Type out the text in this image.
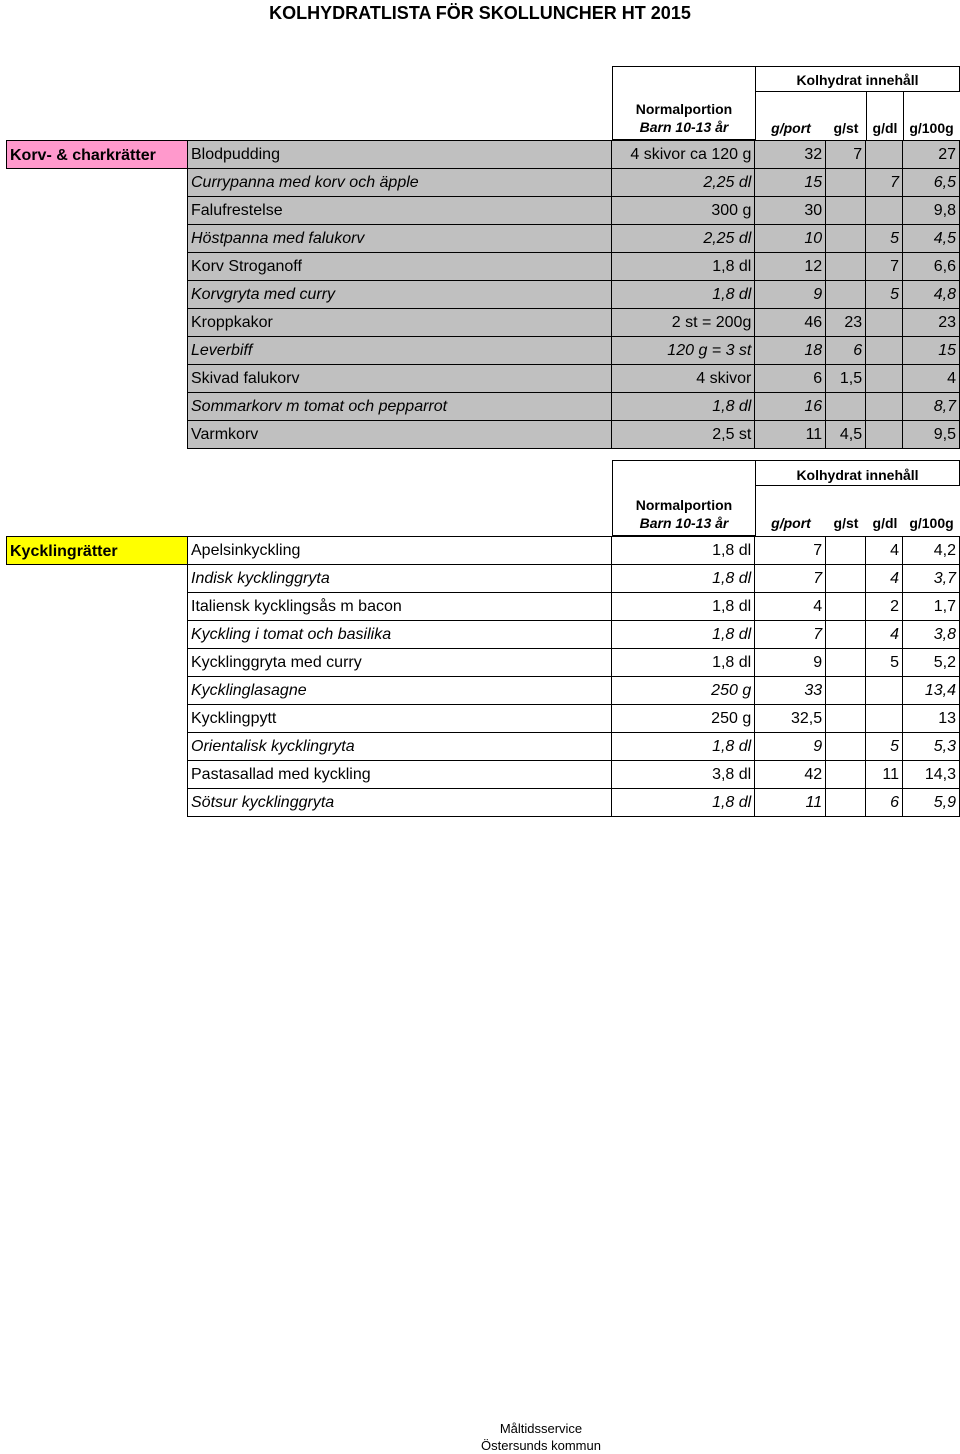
KOLHYDRATLISTA FÖR SKOLLUNCHER HT 2015
Kolhydrat innehåll
Normalportion
Barn 10-13 år	g/port	g/st	g/dl g/100g
Korv- & charkrätter	Blodpudding	4 skivor ca 120 g	32	7		27
Currypanna med korv och äpple	2,25 dl	15		7	6,5
Falufrestelse	300 g	30			9,8
Höstpanna med falukorv	2,25 dl	10		5	4,5
Korv Stroganoff	1,8 dl	12		7	6,6
Korvgryta med curry	1,8 dl	9		5	4,8
Kroppkakor	2 st = 200g	46	23		23
Leverbiff	120 g = 3 st	18	6		15
Skivad falukorv	4 skivor	6	1,5		4
Sommarkorv m tomat och pepparrot	1,8 dl	16			8,7
Varmkorv	2,5 st	11	4,5		9,5
Kolhydrat innehåll
Normalportion
Barn 10-13 år	g/port	g/st	g/dl g/100g
Kycklingrätter	Apelsinkyckling	1,8 dl	7		4	4,2
Indisk kycklinggryta	1,8 dl	7		4	3,7
Italiensk kycklingsås m bacon	1,8 dl	4		2	1,7
Kyckling i tomat och basilika	1,8 dl	7		4	3,8
Kycklinggryta med curry	1,8 dl	9		5	5,2
Kycklinglasagne	250 g	33			13,4
Kycklingpytt	250 g	32,5			13
Orientalisk kycklingryta	1,8 dl	9		5	5,3
Pastasallad med kyckling	3,8 dl	42		11	14,3
Sötsur kycklinggryta	1,8 dl	11		6	5,9
Måltidsservice
Östersunds kommun
